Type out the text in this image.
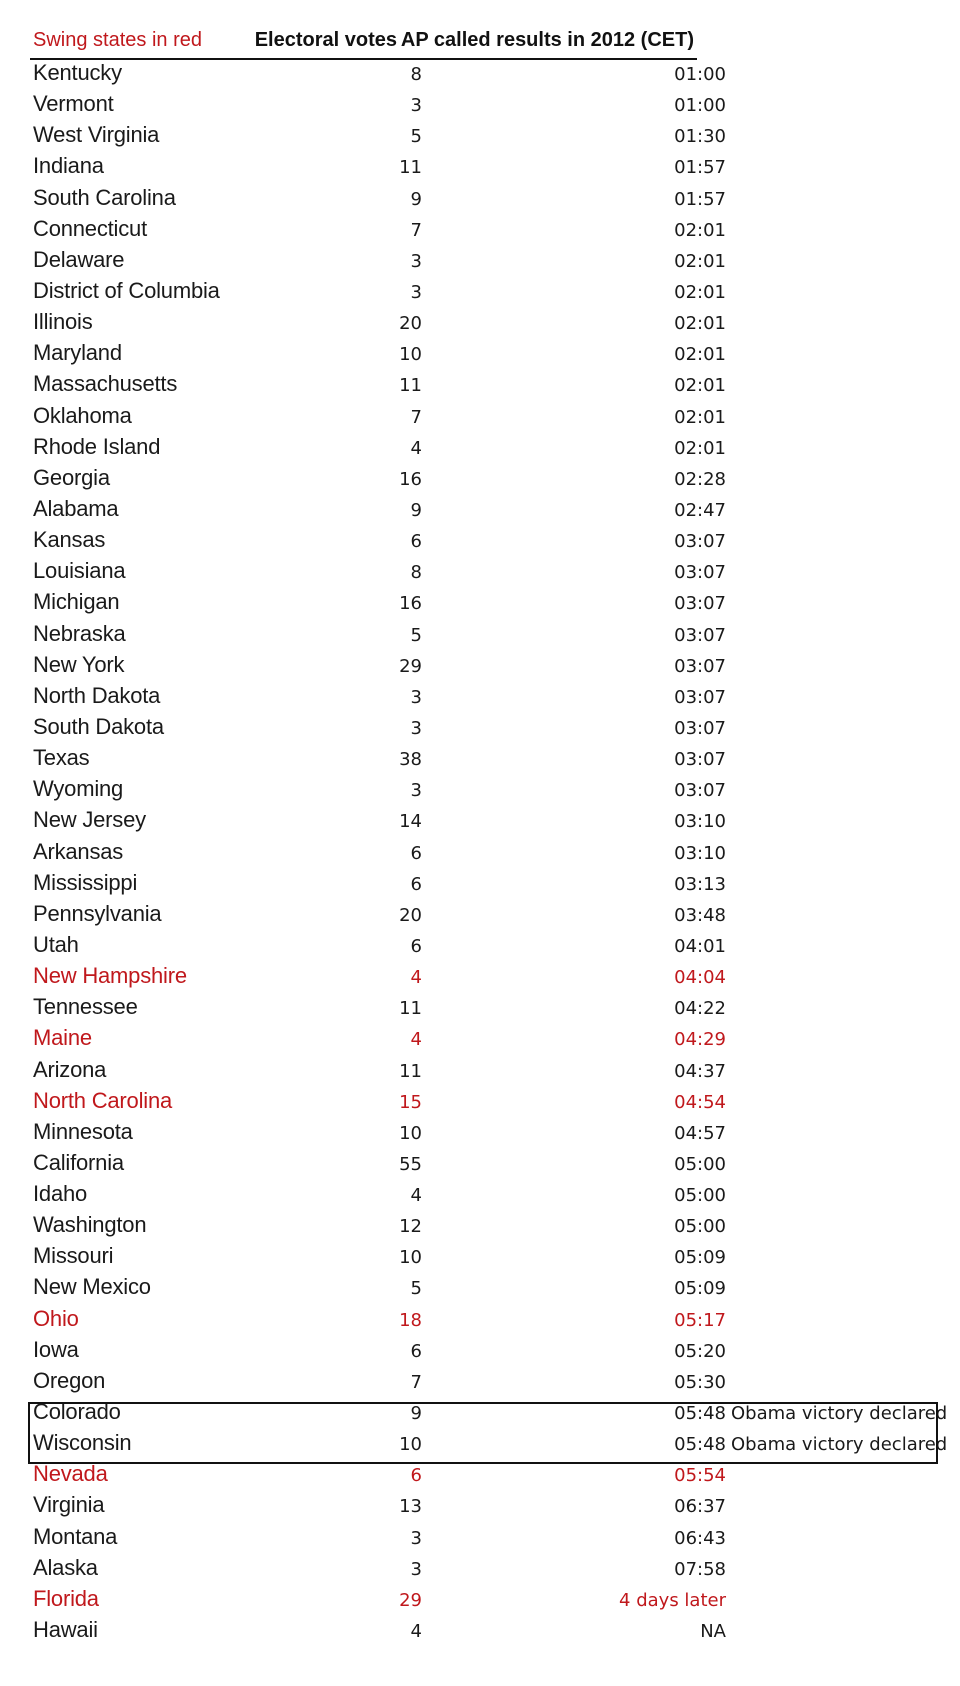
Swing states in red	Electoral votes AP called results in 2012 (CET)
Kentucky	8	01:00
Vermont	3	01:00
West Virginia	5	01:30
Indiana	11	01:57
South Carolina	9	01:57
Connecticut	7	02:01
Delaware	3	02:01
District of Columbia	3	02:01
Illinois	20	02:01
Maryland	10	02:01
Massachusetts	11	02:01
Oklahoma	7	02:01
Rhode Island	4	02:01
Georgia	16	02:28
Alabama	9	02:47
Kansas	6	03:07
Louisiana	8	03:07
Michigan	16	03:07
Nebraska	5	03:07
New York	29	03:07
North Dakota	3	03:07
South Dakota	3	03:07
Texas	38	03:07
Wyoming	3	03:07
New Jersey	14	03:10
Arkansas	6	03:10
Mississippi	6	03:13
Pennsylvania	20	03:48
Utah	6	04:01
New Hampshire	4	04:04
Tennessee	11	04:22
Maine	4	04:29
Arizona	11	04:37
North Carolina	15	04:54
Minnesota	10	04:57
California	55	05:00
Idaho	4	05:00
Washington	12	05:00
Missouri	10	05:09
New Mexico	5	05:09
Ohio	18	05:17
Iowa	6	05:20
Oregon	7	05:30
Colorado	9	05:48 Obama victory declared
Wisconsin	10	05:48 Obama victory declared
Nevada	6	05:54
Virginia	13	06:37
Montana	3	06:43
Alaska	3	07:58
Florida	29	4 days later
Hawaii	4	NA
